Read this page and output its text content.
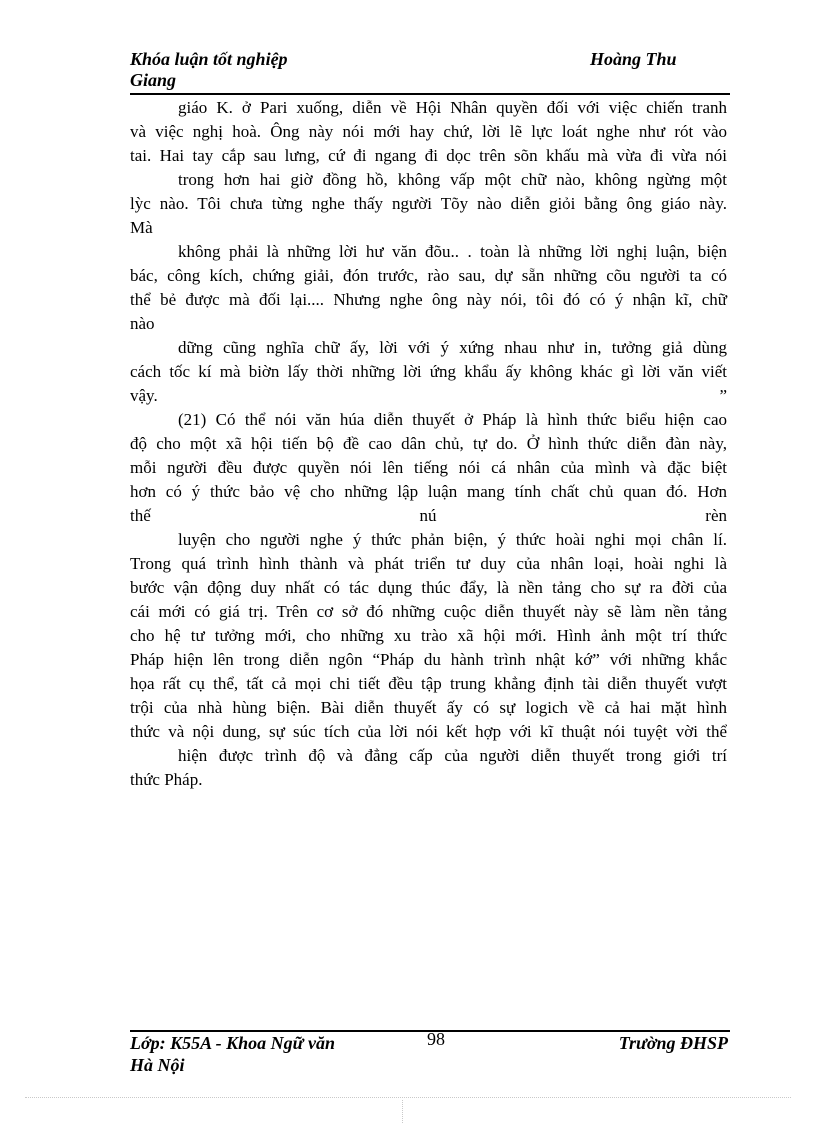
Khóa luận tốt nghiệp	Hoàng Thu
Giang
giáo K. ở Pari xuống, diễn về Hội Nhân quyền đối với việc chiến tranh
và việc nghị hoà. Ông này nói mới hay chứ, lời lẽ lực loát nghe như rót vào
tai. Hai tay cắp sau lưng, cứ đi ngang đi dọc trên sõn khấu mà vừa đi vừa nói
trong hơn hai giờ đồng hồ, không vấp một chữ nào, không ngừng một
lỳc nào. Tôi chưa từng nghe thấy người Tõy nào diễn giỏi bằng ông giáo này.
Mà
không phải là những lời hư văn đõu.. . toàn là những lời nghị luận, biện
bác, công kích, chứng giải, đón trước, rào sau, dự sẵn những cõu người ta có
thể bẻ được mà đối lại.... Nhưng nghe ông này nói, tôi đó có ý nhận kĩ, chữ
nào
dững cũng nghĩa chữ ấy, lời với ý xứng nhau như in, tưởng giả dùng
cách tốc kí mà biờn lấy thời những lời ứng khẩu ấy không khác gì lời văn viết
vậy.	”
(21) Có thể nói văn húa diễn thuyết ở Pháp là hình thức biểu hiện cao
độ cho một xã hội tiến bộ đề cao dân chủ, tự do. Ở hình thức diễn đàn này,
mỗi người đều được quyền nói lên tiếng nói cá nhân của mình và đặc biệt
hơn có ý thức bảo vệ cho những lập luận mang tính chất chủ quan đó. Hơn
thế	nú	rèn
luyện cho người nghe ý thức phản biện, ý thức hoài nghi mọi chân lí.
Trong quá trình hình thành và phát triển tư duy của nhân loại, hoài nghi là
bước vận động duy nhất có tác dụng thúc đẩy, là nền tảng cho sự ra đời của
cái mới có giá trị. Trên cơ sở đó những cuộc diễn thuyết này sẽ làm nền tảng
cho hệ tư tưởng mới, cho những xu trào xã hội mới. Hình ảnh một trí thức
Pháp hiện lên trong diễn ngôn “Pháp du hành trình nhật kớ” với những khắc
họa rất cụ thể, tất cả mọi chi tiết đều tập trung khẳng định tài diễn thuyết vượt
trội của nhà hùng biện. Bài diễn thuyết ấy có sự logich về cả hai mặt hình
thức và nội dung, sự súc tích của lời nói kết hợp với kĩ thuật nói tuyệt vời thể
hiện được trình độ và đẳng cấp của người diễn thuyết trong giới trí
thức Pháp.
Lớp: K55A - Khoa Ngữ văn	98	Trường ĐHSP
Hà Nội
